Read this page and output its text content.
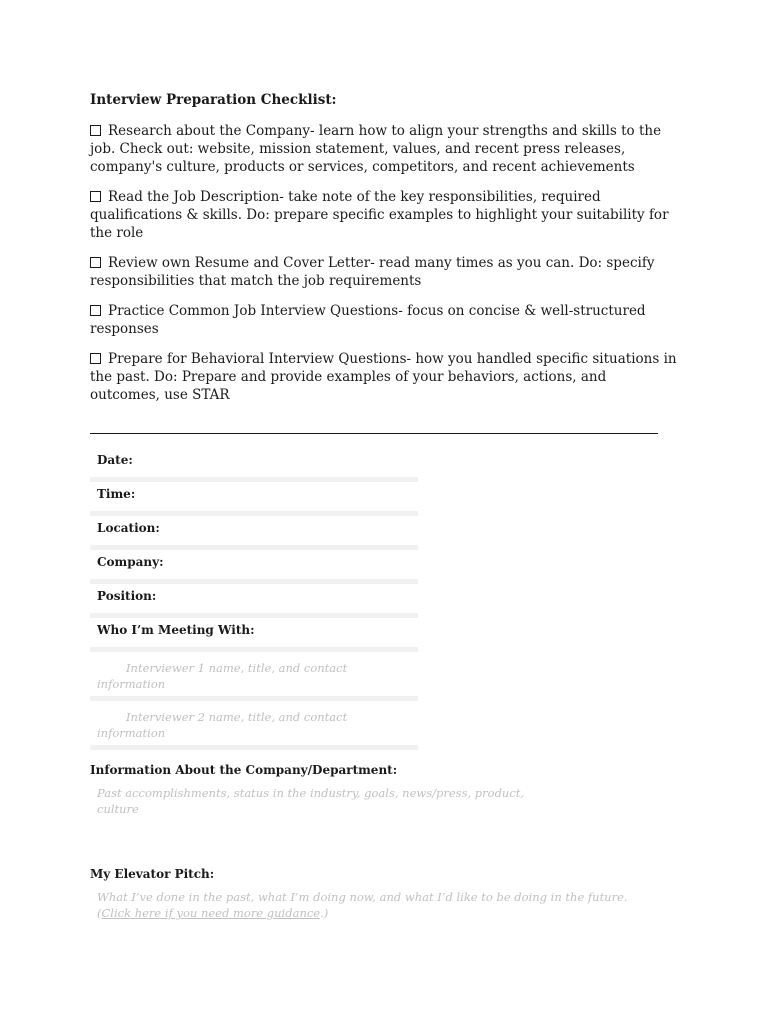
Interview Preparation Checklist:
Research about the Company- learn how to align your strengths and skills to the job. Check out: website, mission statement, values, and recent press releases, company's culture, products or services, competitors, and recent achievements
Read the Job Description- take note of the key responsibilities, required qualifications & skills. Do: prepare specific examples to highlight your suitability for the role
Review own Resume and Cover Letter- read many times as you can. Do: specify responsibilities that match the job requirements
Practice Common Job Interview Questions- focus on concise & well-structured responses
Prepare for Behavioral Interview Questions- how you handled specific situations in the past. Do: Prepare and provide examples of your behaviors, actions, and outcomes, use STAR
Date:
Time:
Location:
Company:
Position:
Who I’m Meeting With:
Interviewer 1 name, title, and contact information
Interviewer 2 name, title, and contact information
Information About the Company/Department:
Past accomplishments, status in the industry, goals, news/press, product,
culture
My Elevator Pitch:
What I’ve done in the past, what I’m doing now, and what I’d like to be doing in the future.
(Click here if you need more guidance.)
